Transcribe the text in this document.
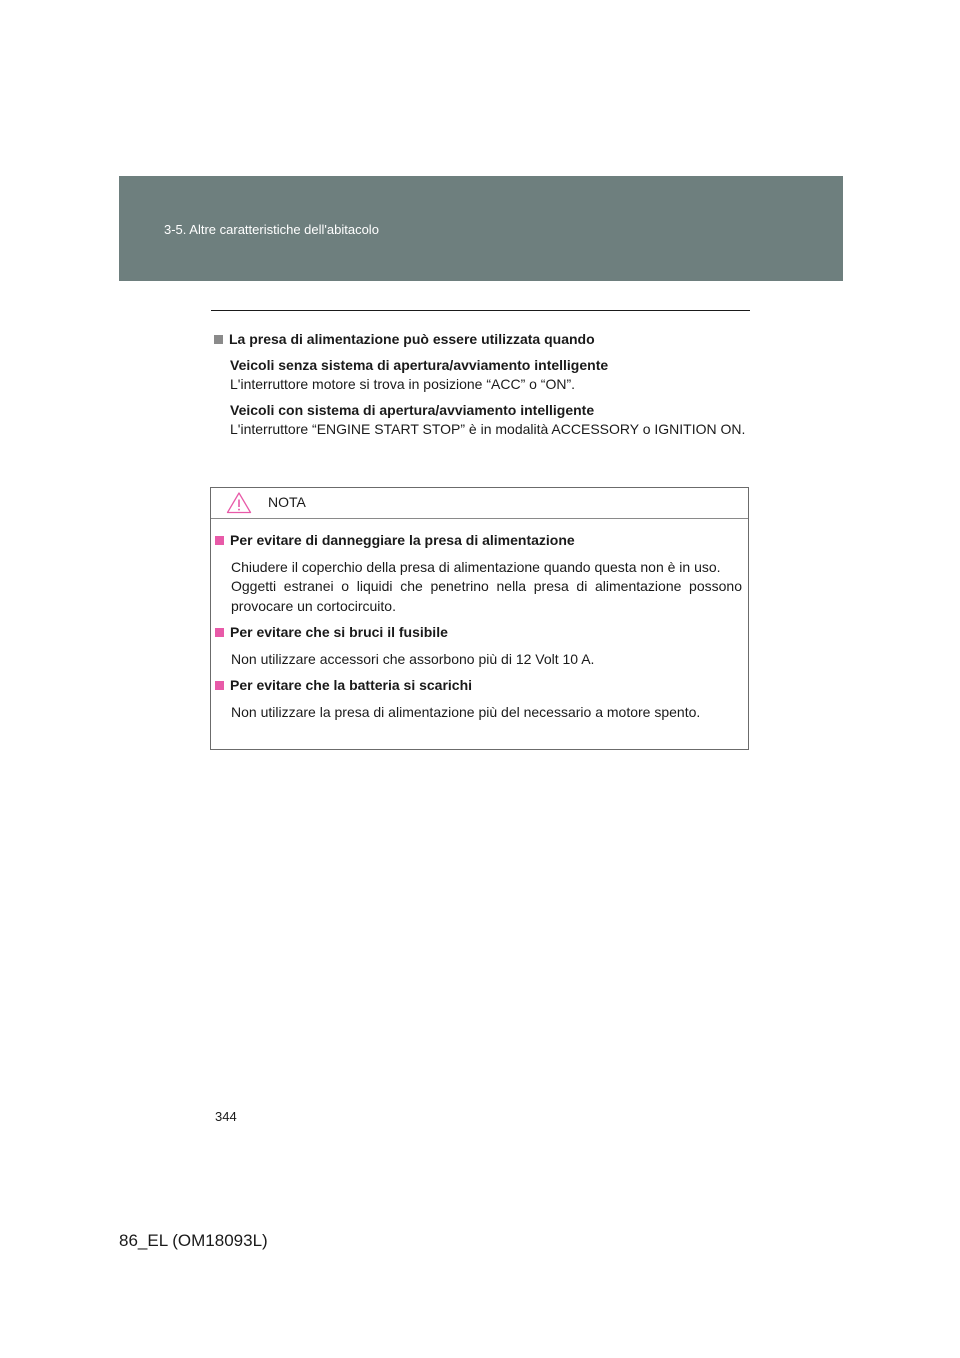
3-5. Altre caratteristiche dell'abitacolo
La presa di alimentazione può essere utilizzata quando
Veicoli senza sistema di apertura/avviamento intelligente
L'interruttore motore si trova in posizione “ACC” o “ON”.
Veicoli con sistema di apertura/avviamento intelligente
L'interruttore “ENGINE START STOP” è in modalità ACCESSORY o IGNITION ON.
NOTA
Per evitare di danneggiare la presa di alimentazione
Chiudere il coperchio della presa di alimentazione quando questa non è in uso.
Oggetti estranei o liquidi che penetrino nella presa di alimentazione possono provocare un cortocircuito.
Per evitare che si bruci il fusibile
Non utilizzare accessori che assorbono più di 12 Volt 10 A.
Per evitare che la batteria si scarichi
Non utilizzare la presa di alimentazione più del necessario a motore spento.
344
86_EL (OM18093L)
